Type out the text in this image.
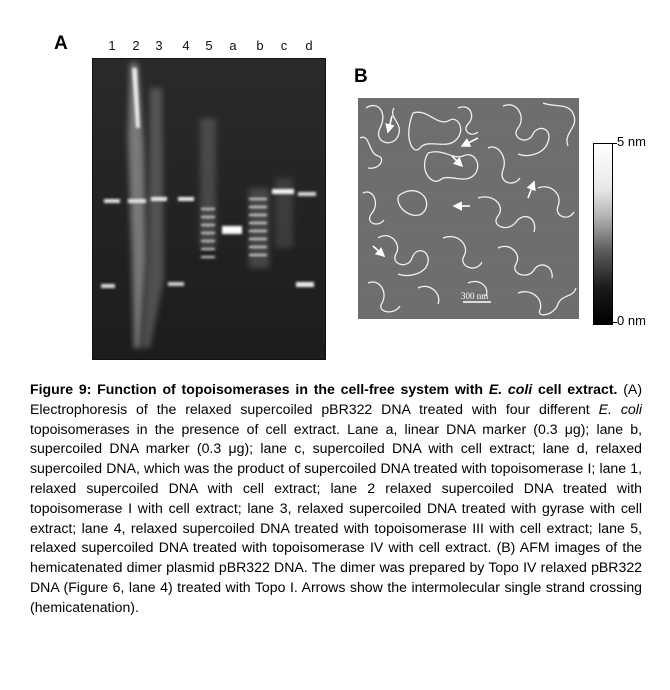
A
B
1 2 3 4 5 a b c d
300 nm
5 nm
0 nm
Figure 9: Function of topoisomerases in the cell-free system with E. coli cell extract. (A) Electrophoresis of the relaxed supercoiled pBR322 DNA treated with four different E. coli topoisomerases in the presence of cell extract. Lane a, linear DNA marker (0.3 μg); lane b, supercoiled DNA marker (0.3 μg); lane c, supercoiled DNA with cell extract; lane d, relaxed supercoiled DNA, which was the product of supercoiled DNA treated with topoisomerase I; lane 1, relaxed supercoiled DNA with cell extract; lane 2 relaxed supercoiled DNA treated with topoisomerase I with cell extract; lane 3, relaxed supercoiled DNA treated with gyrase with cell extract; lane 4, relaxed supercoiled DNA treated with topoisomerase III with cell extract; lane 5, relaxed supercoiled DNA treated with topoisomerase IV with cell extract. (B) AFM images of the hemicatenated dimer plasmid pBR322 DNA. The dimer was prepared by Topo IV relaxed pBR322 DNA (Figure 6, lane 4) treated with Topo I. Arrows show the intermolecular single strand crossing (hemicatenation).
